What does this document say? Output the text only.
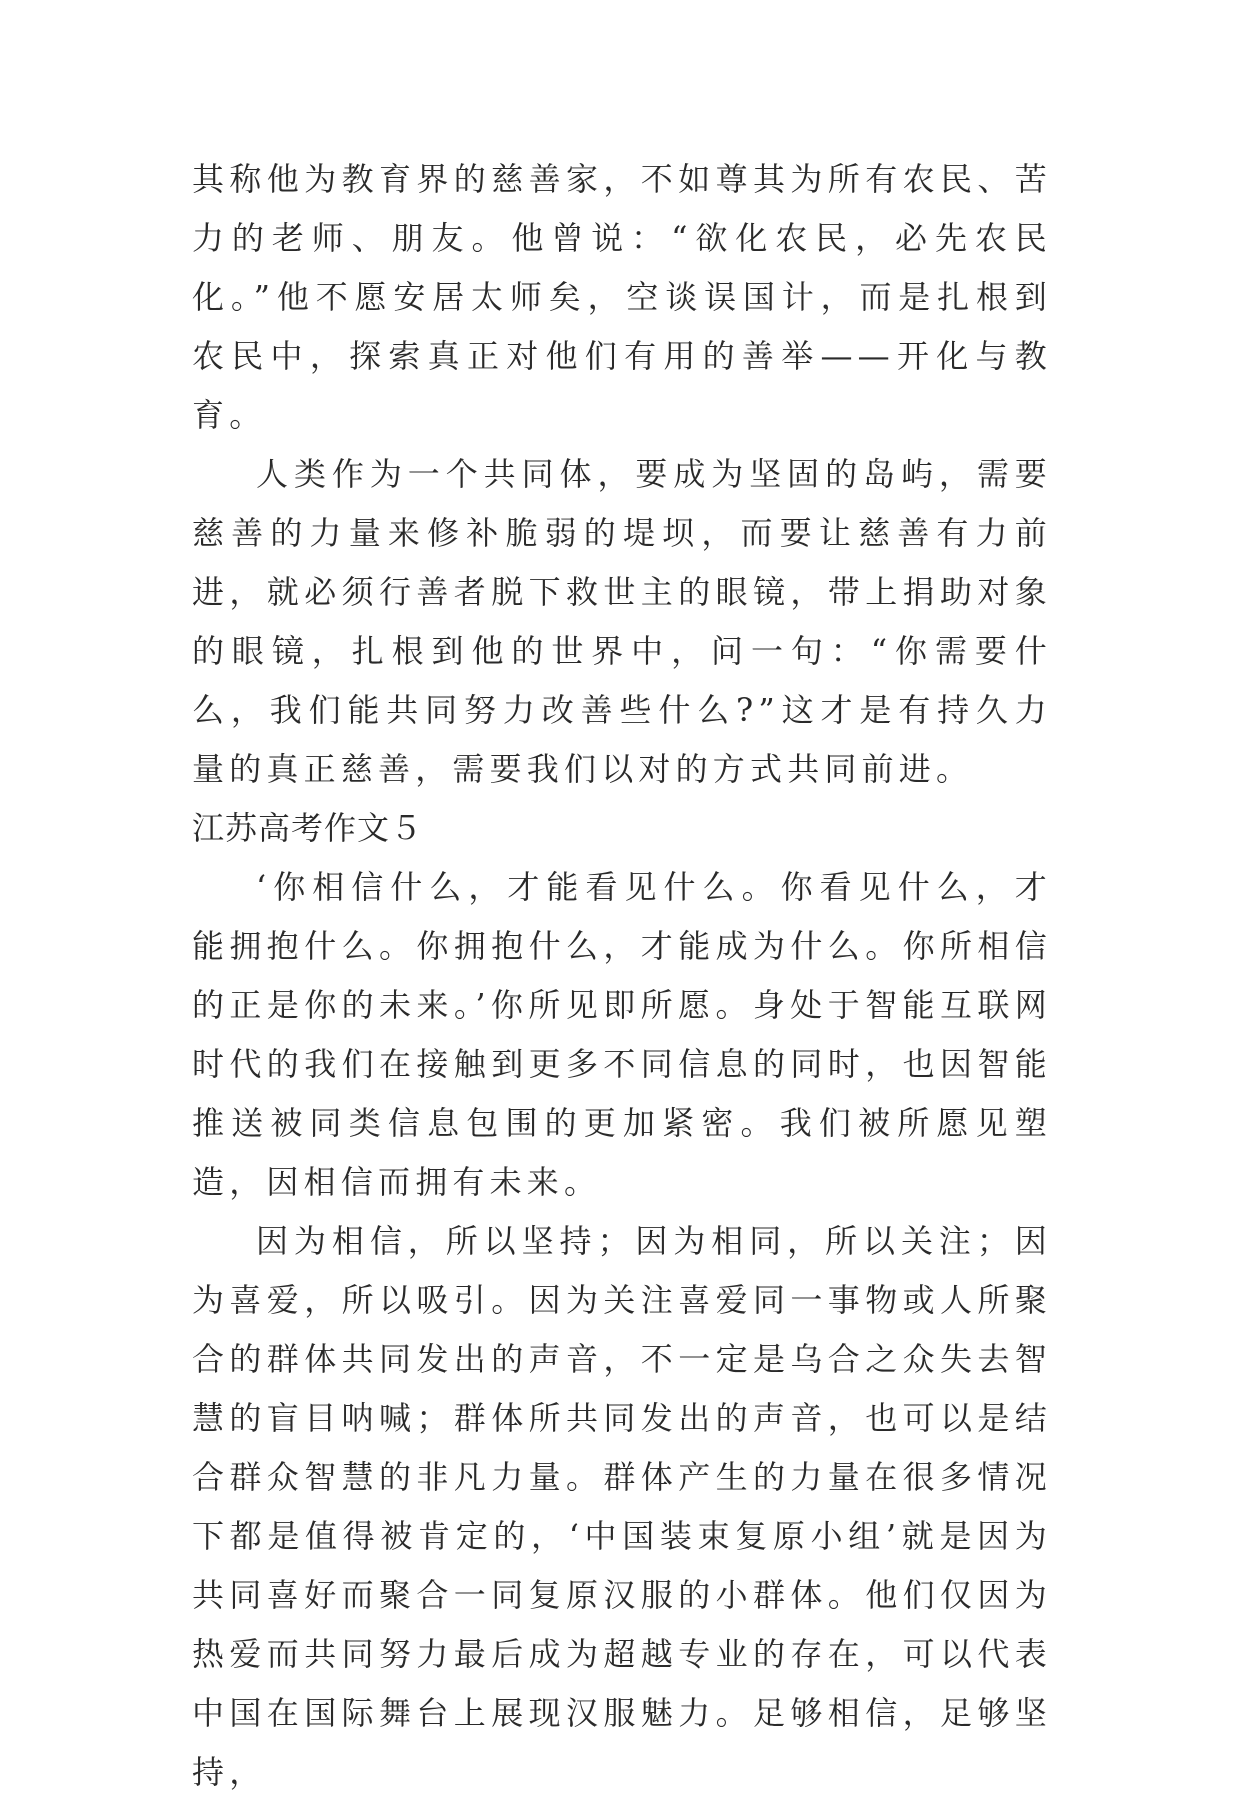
其称他为教育界的慈善家，不如尊其为所有农民、苦力的老师、朋友。他曾说：“欲化农民，必先农民化。”他不愿安居太师矣，空谈误国计，而是扎根到农民中，探索真正对他们有用的善举——开化与教育。

人类作为一个共同体，要成为坚固的岛屿，需要慈善的力量来修补脆弱的堤坝，而要让慈善有力前进，就必须行善者脱下救世主的眼镜，带上捐助对象的眼镜，扎根到他的世界中，问一句：“你需要什么，我们能共同努力改善些什么?”这才是有持久力量的真正慈善，需要我们以对的方式共同前进。

江苏高考作文５

‘你相信什么，才能看见什么。你看见什么，才能拥抱什么。你拥抱什么，才能成为什么。你所相信的正是你的未来。’你所见即所愿。身处于智能互联网时代的我们在接触到更多不同信息的同时，也因智能推送被同类信息包围的更加紧密。我们被所愿见塑造，因相信而拥有未来。

因为相信，所以坚持；因为相同，所以关注；因为喜爱，所以吸引。因为关注喜爱同一事物或人所聚合的群体共同发出的声音，不一定是乌合之众失去智慧的盲目呐喊；群体所共同发出的声音，也可以是结合群众智慧的非凡力量。群体产生的力量在很多情况下都是值得被肯定的，‘中国装束复原小组’就是因为共同喜好而聚合一同复原汉服的小群体。他们仅因为热爱而共同努力最后成为超越专业的存在，可以代表中国在国际舞台上展现汉服魅力。足够相信，足够坚持，
